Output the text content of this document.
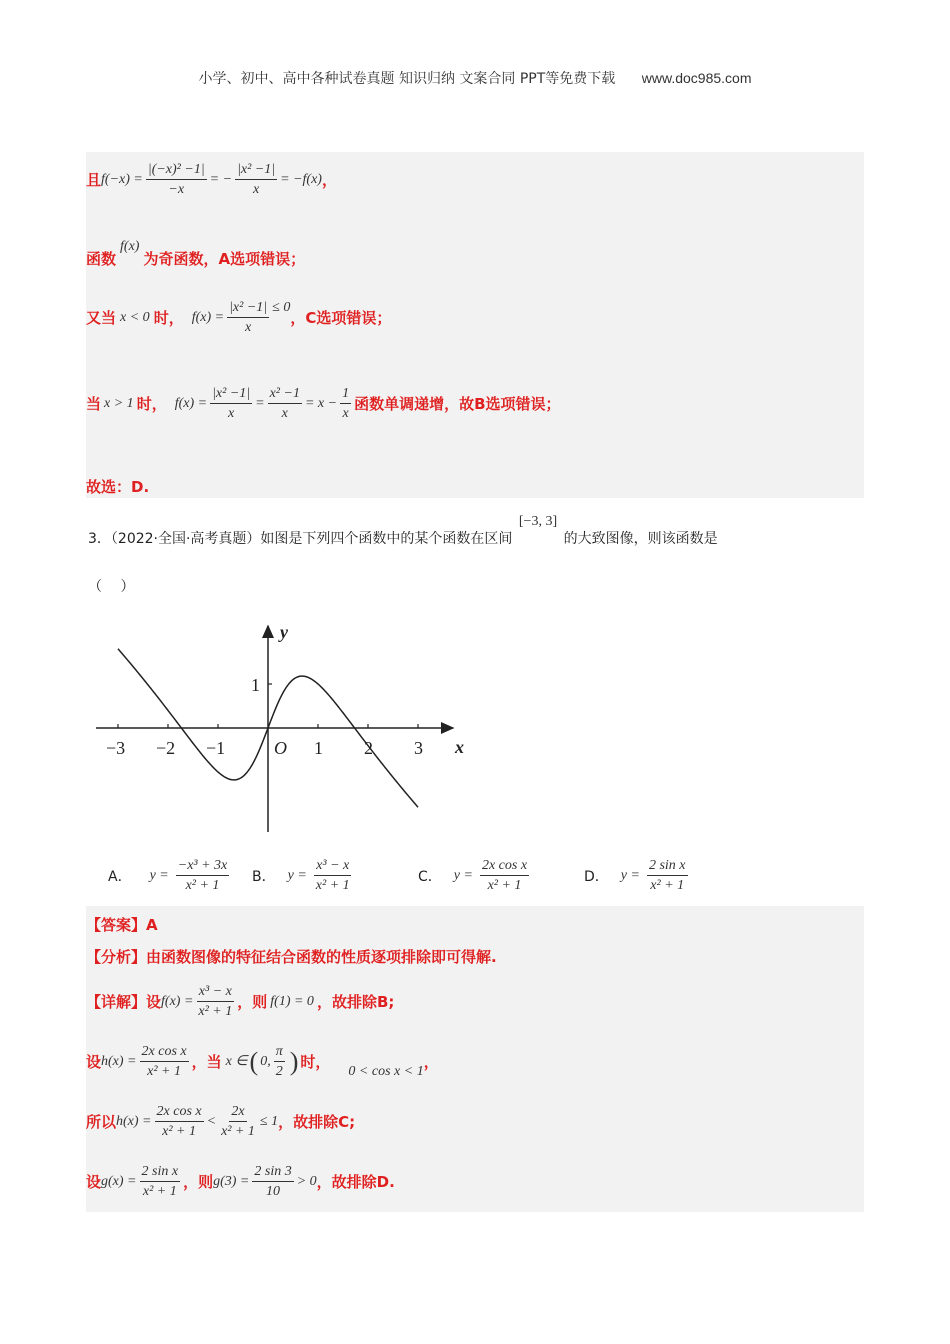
小学、初中、高中各种试卷真题 知识归纳 文案合同 PPT等免费下载 www.doc985.com
且 $f(-x) = \frac{\text{|(−x)² −1|}}{-x}$ = − $\frac{\text{|x² −1|}}{x} = -f(x)$ ，
函数
f(x)
为奇函数，A选项错误；
又当 x < 0 时， $f(x) = \frac{\text{|x² −1|}}{x} \le 0$
，C选项错误；
当 x > 1 时， $f(x) = \frac{\text{|x² −1|}}{x} = \frac{\text{x² −1}}{x} = x - \frac{1}{x}$ 函数单调递增，故B选项错误；
故选：D.
3．（2022·全国·高考真题）如图是下列四个函数中的某个函数在区间 [−3, 3] 的大致图像，则该函数是
（　 ）
−3 −2 −1	1 2 3
1
O	x
y
A． $y = \frac{\text{−x³ + 3x}}{\text{x² + 1}}$ B． $y = \frac{\text{x³ − x}}{\text{x² + 1}}$	C． $y = \frac{\text{2x cos x}}{\text{x² + 1}}$	D． $y = \frac{\text{2 sin x}}{\text{x² + 1}}$
【答案】A
【分析】由函数图像的特征结合函数的性质逐项排除即可得解.
【详解】设 $f(x) = \frac{\text{x³ − x}}{\text{x² + 1}}$ ，则 f(1) = 0 ，故排除B;
设 $h(x) = \frac{\text{2x cos x}}{\text{x² + 1}}$ ，当 x ∈ ( 0, $\frac{\pi}{2}$ ) 时， 0 < cos x < 1 ，
所以 $h(x) = \frac{\text{2x cos x}}{\text{x² + 1}} < \frac{2x}{\text{x² + 1}} \le 1$ ，故排除C;
设 $g(x) = \frac{\text{2 sin x}}{\text{x² + 1}}$ ，则 $g(3) = \frac{2 \sin 3}{10} > 0$ ，故排除D.
